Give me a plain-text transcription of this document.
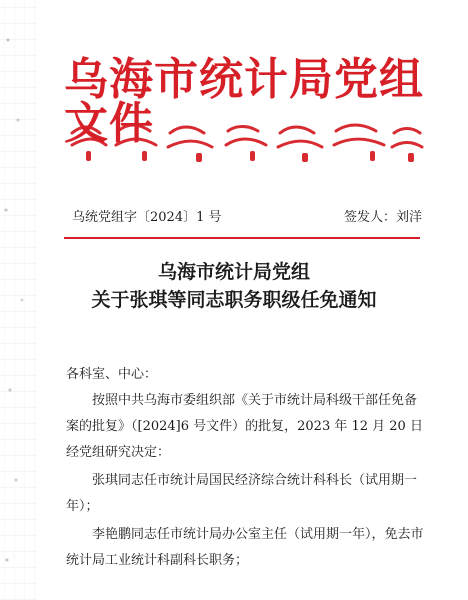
乌海市统计局党组文件
乌统党组字〔2024〕1 号	签发人：刘洋
乌海市统计局党组
关于张琪等同志职务职级任免通知
各科室、中心：
按照中共乌海市委组织部《关于市统计局科级干部任免备案的批复》（[2024]6 号文件）的批复，2023 年 12 月 20 日经党组研究决定：
张琪同志任市统计局国民经济综合统计科科长（试用期一年）；
李艳鹏同志任市统计局办公室主任（试用期一年），免去市统计局工业统计科副科长职务；
